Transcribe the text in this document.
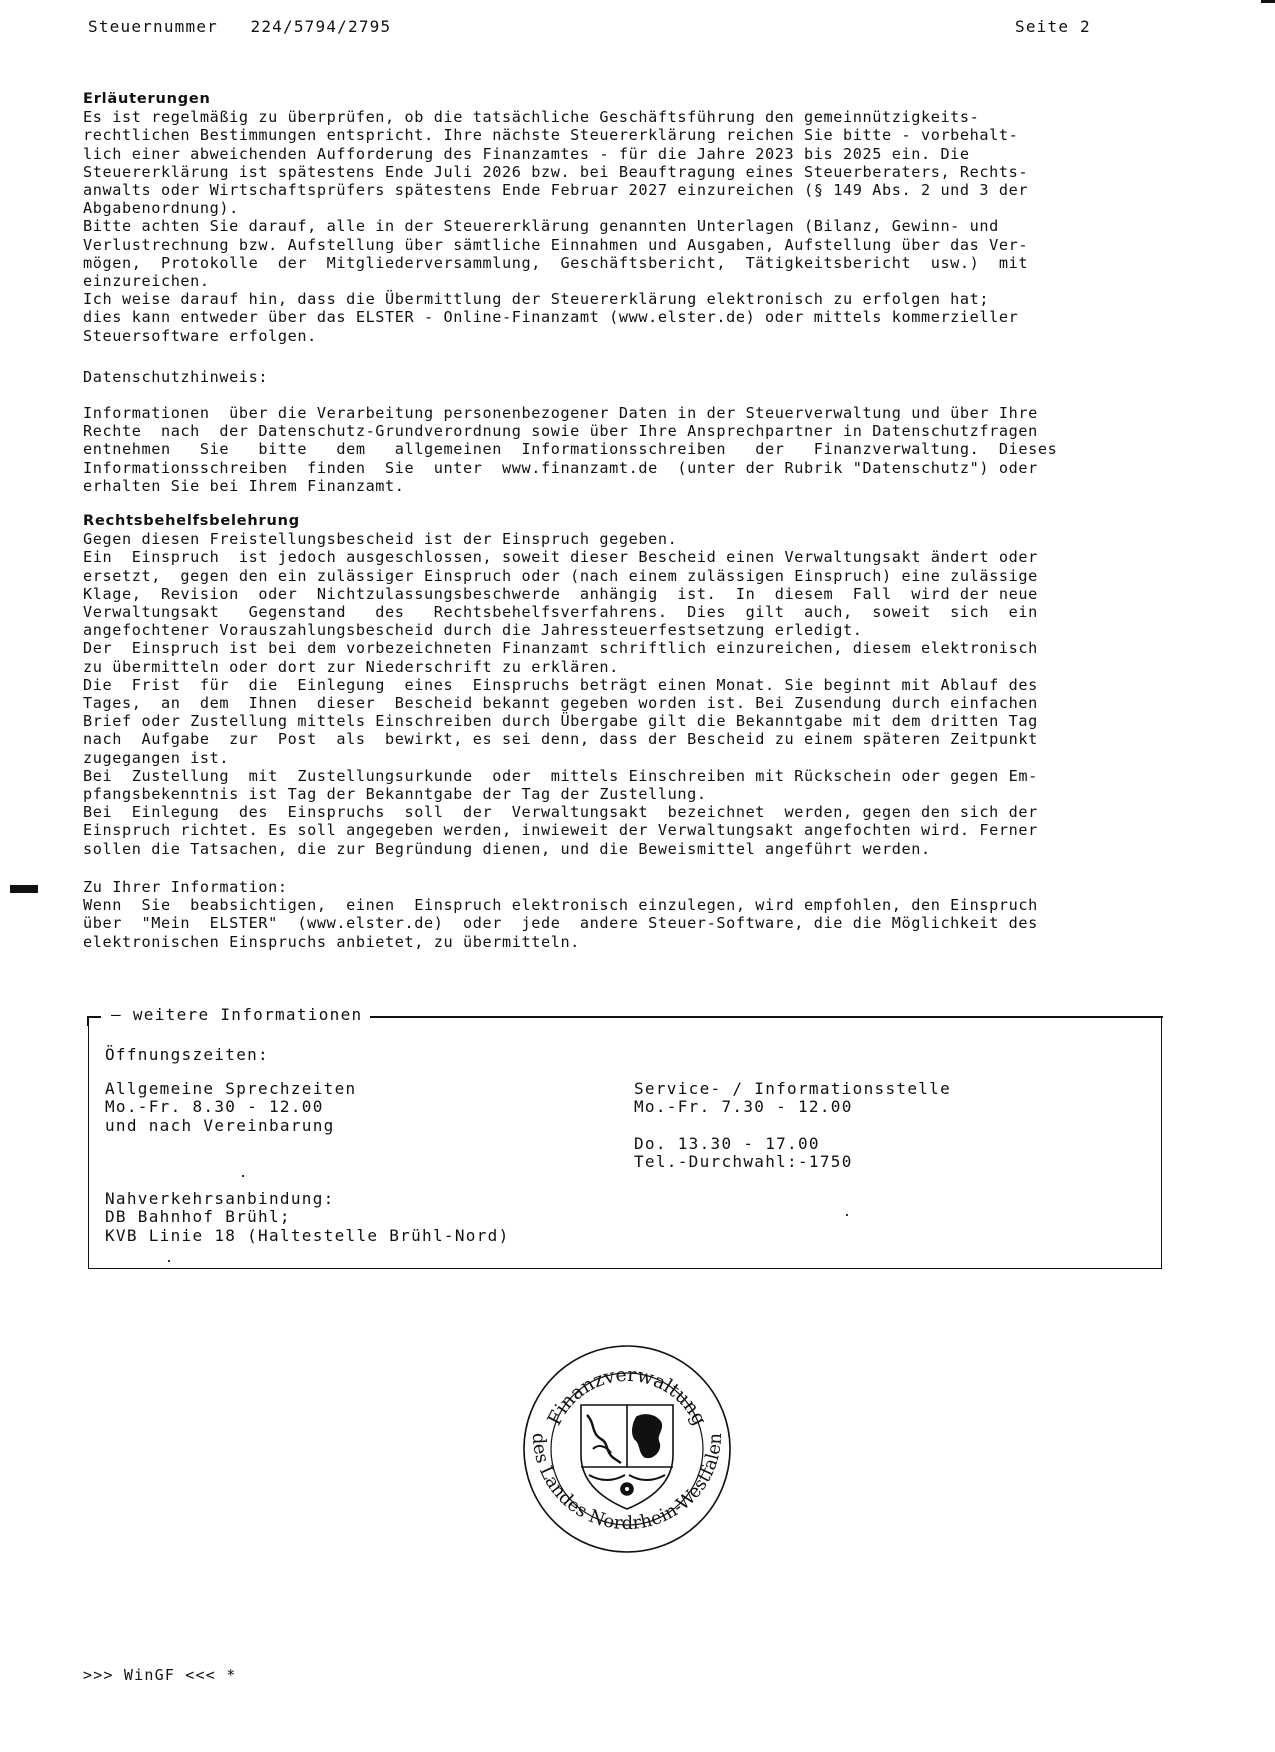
Steuernummer   224/5794/2795	Seite 2

Erläuterungen

Es ist regelmäßig zu überprüfen, ob die tatsächliche Geschäftsführung den gemeinnützigkeits-
rechtlichen Bestimmungen entspricht. Ihre nächste Steuererklärung reichen Sie bitte - vorbehalt-
lich einer abweichenden Aufforderung des Finanzamtes - für die Jahre 2023 bis 2025 ein. Die
Steuererklärung ist spätestens Ende Juli 2026 bzw. bei Beauftragung eines Steuerberaters, Rechts-
anwalts oder Wirtschaftsprüfers spätestens Ende Februar 2027 einzureichen (§ 149 Abs. 2 und 3 der
Abgabenordnung).
Bitte achten Sie darauf, alle in der Steuererklärung genannten Unterlagen (Bilanz, Gewinn- und
Verlustrechnung bzw. Aufstellung über sämtliche Einnahmen und Ausgaben, Aufstellung über das Ver-
mögen,  Protokolle  der  Mitgliederversammlung,  Geschäftsbericht,  Tätigkeitsbericht  usw.)  mit
einzureichen.
Ich weise darauf hin, dass die Übermittlung der Steuererklärung elektronisch zu erfolgen hat;
dies kann entweder über das ELSTER - Online-Finanzamt (www.elster.de) oder mittels kommerzieller
Steuersoftware erfolgen.

Datenschutzhinweis:

Informationen  über die Verarbeitung personenbezogener Daten in der Steuerverwaltung und über Ihre
Rechte  nach  der Datenschutz-Grundverordnung sowie über Ihre Ansprechpartner in Datenschutzfragen
entnehmen   Sie   bitte   dem   allgemeinen  Informationsschreiben   der   Finanzverwaltung.  Dieses
Informationsschreiben  finden  Sie  unter  www.finanzamt.de  (unter der Rubrik "Datenschutz") oder
erhalten Sie bei Ihrem Finanzamt.

Rechtsbehelfsbelehrung

Gegen diesen Freistellungsbescheid ist der Einspruch gegeben.
Ein  Einspruch  ist jedoch ausgeschlossen, soweit dieser Bescheid einen Verwaltungsakt ändert oder
ersetzt,  gegen den ein zulässiger Einspruch oder (nach einem zulässigen Einspruch) eine zulässige
Klage,  Revision  oder  Nichtzulassungsbeschwerde  anhängig  ist.  In  diesem  Fall  wird der neue
Verwaltungsakt   Gegenstand   des   Rechtsbehelfsverfahrens.  Dies  gilt  auch,  soweit  sich  ein
angefochtener Vorauszahlungsbescheid durch die Jahressteuerfestsetzung erledigt.
Der  Einspruch ist bei dem vorbezeichneten Finanzamt schriftlich einzureichen, diesem elektronisch
zu übermitteln oder dort zur Niederschrift zu erklären.
Die  Frist  für  die  Einlegung  eines  Einspruchs beträgt einen Monat. Sie beginnt mit Ablauf des
Tages,  an  dem  Ihnen  dieser  Bescheid bekannt gegeben worden ist. Bei Zusendung durch einfachen
Brief oder Zustellung mittels Einschreiben durch Übergabe gilt die Bekanntgabe mit dem dritten Tag
nach  Aufgabe  zur  Post  als  bewirkt, es sei denn, dass der Bescheid zu einem späteren Zeitpunkt
zugegangen ist.
Bei  Zustellung  mit  Zustellungsurkunde  oder  mittels Einschreiben mit Rückschein oder gegen Em-
pfangsbekenntnis ist Tag der Bekanntgabe der Tag der Zustellung.
Bei  Einlegung  des  Einspruchs  soll  der  Verwaltungsakt  bezeichnet  werden, gegen den sich der
Einspruch richtet. Es soll angegeben werden, inwieweit der Verwaltungsakt angefochten wird. Ferner
sollen die Tatsachen, die zur Begründung dienen, und die Beweismittel angeführt werden.

Zu Ihrer Information:

Wenn  Sie  beabsichtigen,  einen  Einspruch elektronisch einzulegen, wird empfohlen, den Einspruch
über  "Mein  ELSTER"  (www.elster.de)  oder  jede  andere Steuer-Software, die die Möglichkeit des
elektronischen Einspruchs anbietet, zu übermitteln.
— weitere Informationen
Öffnungszeiten:
Allgemeine Sprechzeiten
Mo.-Fr. 8.30 - 12.00
und nach Vereinbarung
Service- / Informationsstelle
Mo.-Fr. 7.30 - 12.00
Do. 13.30 - 17.00
Tel.-Durchwahl:-1750
Nahverkehrsanbindung:
DB Bahnhof Brühl;
KVB Linie 18 (Haltestelle Brühl-Nord)
Finanzverwaltung
des Landes Nordrhein-Westfalen
>>> WinGF <<< *
